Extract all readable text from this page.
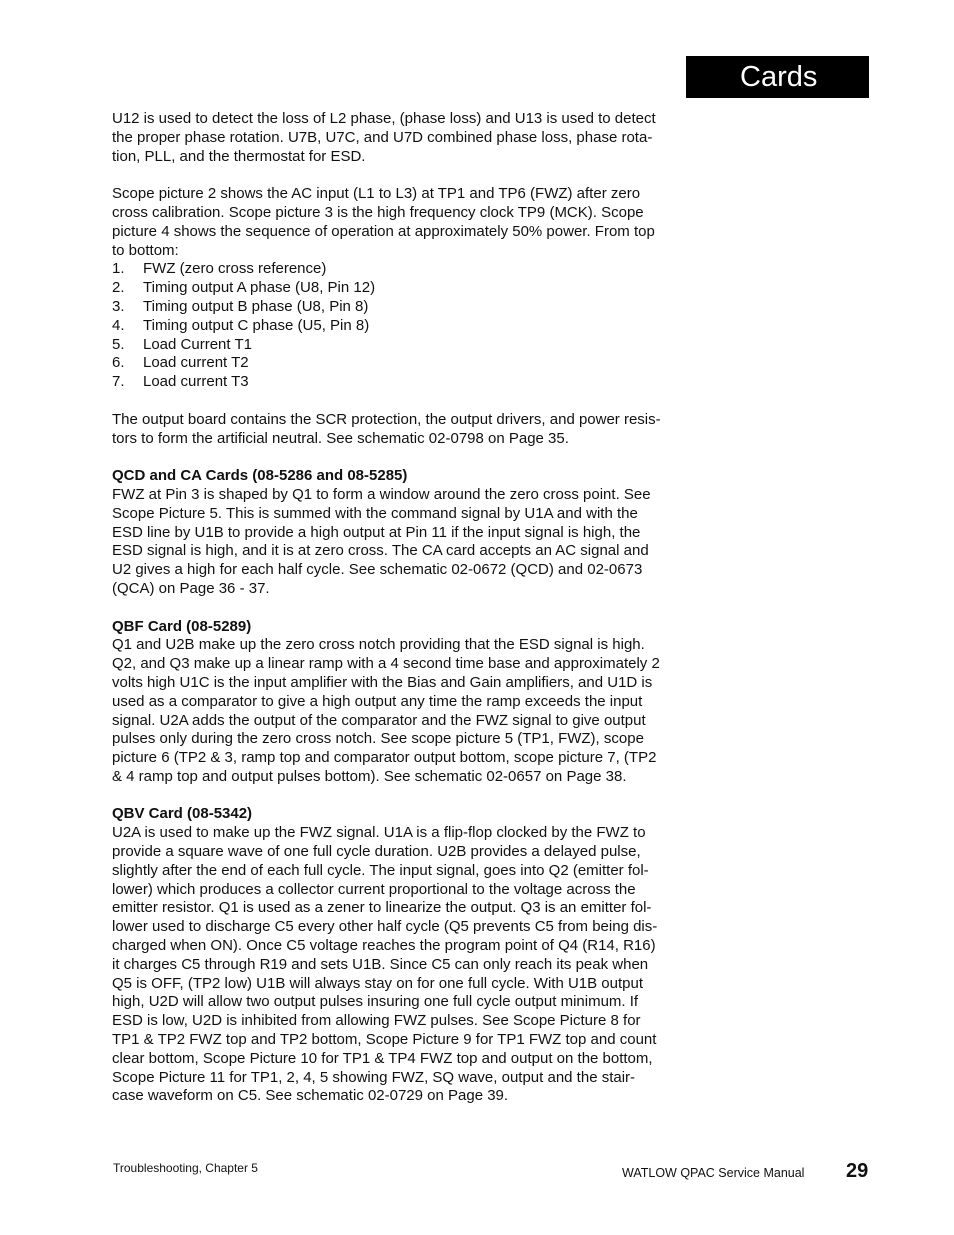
Cards

U12 is used to detect the loss of L2 phase, (phase loss) and U13 is used to detect
the proper phase rotation. U7B, U7C, and U7D combined phase loss, phase rota-
tion, PLL, and the thermostat for ESD.

Scope picture 2 shows the AC input (L1 to L3) at TP1 and TP6 (FWZ) after zero
cross calibration. Scope picture 3 is the high frequency clock TP9 (MCK). Scope
picture 4 shows the sequence of operation at approximately 50% power. From top
to bottom:

1.	FWZ (zero cross reference)
2.	Timing output A phase (U8, Pin 12)
3.	Timing output B phase (U8, Pin 8)
4.	Timing output C phase (U5, Pin 8)
5.	Load Current T1
6.	Load current T2
7.	Load current T3

The output board contains the SCR protection, the output drivers, and power resis-
tors to form the artificial neutral. See schematic 02-0798 on Page 35.

QCD and CA Cards (08-5286 and 08-5285)

FWZ at Pin 3 is shaped by Q1 to form a window around the zero cross point. See
Scope Picture 5. This is summed with the command signal by U1A and with the
ESD line by U1B to provide a high output at Pin 11 if the input signal is high, the
ESD signal is high, and it is at zero cross. The CA card accepts an AC signal and
U2 gives a high for each half cycle. See schematic 02-0672 (QCD) and 02-0673
(QCA) on Page 36 - 37.

QBF Card (08-5289)

Q1 and U2B make up the zero cross notch providing that the ESD signal is high.
Q2, and Q3 make up a linear ramp with a 4 second time base and approximately 2
volts high U1C is the input amplifier with the Bias and Gain amplifiers, and U1D is
used as a comparator to give a high output any time the ramp exceeds the input
signal. U2A adds the output of the comparator and the FWZ signal to give output
pulses only during the zero cross notch. See scope picture 5 (TP1, FWZ), scope
picture 6 (TP2 & 3, ramp top and comparator output bottom, scope picture 7, (TP2
& 4 ramp top and output pulses bottom). See schematic 02-0657 on Page 38.

QBV Card (08-5342)

U2A is used to make up the FWZ signal. U1A is a flip-flop clocked by the FWZ to
provide a square wave of one full cycle duration. U2B provides a delayed pulse,
slightly after the end of each full cycle. The input signal, goes into Q2 (emitter fol-
lower) which produces a collector current proportional to the voltage across the
emitter resistor. Q1 is used as a zener to linearize the output. Q3 is an emitter fol-
lower used to discharge C5 every other half cycle (Q5 prevents C5 from being dis-
charged when ON). Once C5 voltage reaches the program point of Q4 (R14, R16)
it charges C5 through R19 and sets U1B. Since C5 can only reach its peak when
Q5 is OFF, (TP2 low) U1B will always stay on for one full cycle. With U1B output
high, U2D will allow two output pulses insuring one full cycle output minimum. If
ESD is low, U2D is inhibited from allowing FWZ pulses. See Scope Picture 8 for
TP1 & TP2 FWZ top and TP2 bottom, Scope Picture 9 for TP1 FWZ top and count
clear bottom, Scope Picture 10 for TP1 & TP4 FWZ top and output on the bottom,
Scope Picture 11 for TP1, 2, 4, 5 showing FWZ, SQ wave, output and the stair-
case waveform on C5. See schematic 02-0729 on Page 39.

Troubleshooting, Chapter 5	WATLOW QPAC Service Manual 29
